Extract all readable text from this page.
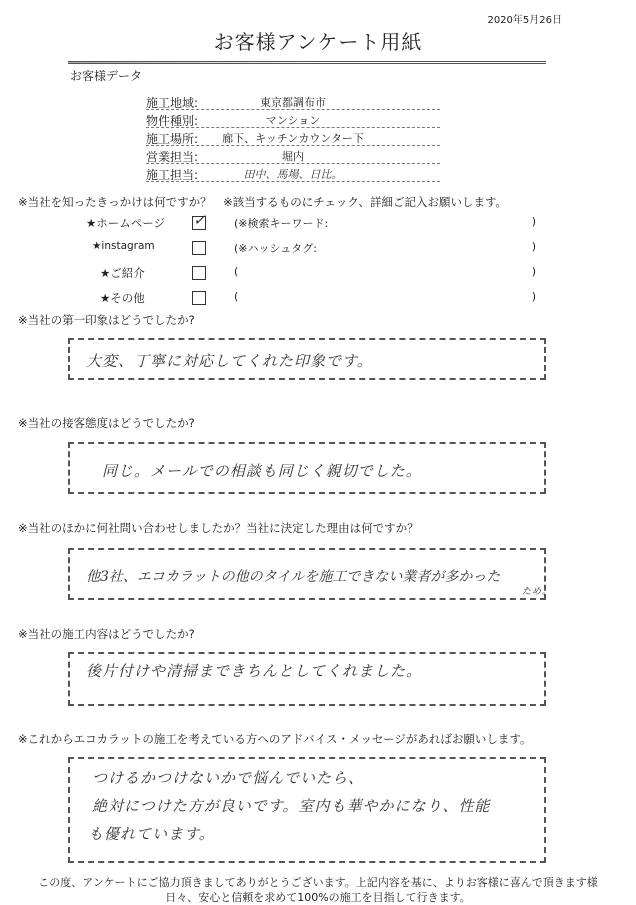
2020年5月26日
お客様アンケート用紙
お客様データ
施工地域:	東京都調布市
物件種別:	マンション
施工場所:	廊下、キッチンカウンター下
営業担当:	堀内
施工担当:	田中、馬場、日比。
※当社を知ったきっかけは何ですか？　※該当するものにチェック、詳細ご記入お願いします。
★ホームページ ✓	(※検索キーワード:	)
★instagram	(※ハッシュタグ:	)
★ご紹介	(	)
★その他	(	)
※当社の第一印象はどうでしたか?
大変、丁寧に対応してくれた印象です。
※当社の接客態度はどうでしたか?
同じ。メールでの相談も同じく親切でした。
※当社のほかに何社問い合わせしましたか？当社に決定した理由は何ですか？
他3社、エコカラットの他のタイルを施工できない業者が多かった
ため。
※当社の施工内容はどうでしたか?
後片付けや清掃まできちんとしてくれました。
※これからエコカラットの施工を考えている方へのアドバイス・メッセージがあればお願いします。
つけるかつけないかで悩んでいたら、
絶対につけた方が良いです。室内も華やかになり、性能
も優れています。
この度、アンケートにご協力頂きましてありがとうございます。上記内容を基に、よりお客様に喜んで頂きます様
日々、安心と信頼を求めて100%の施工を目指して行きます。
